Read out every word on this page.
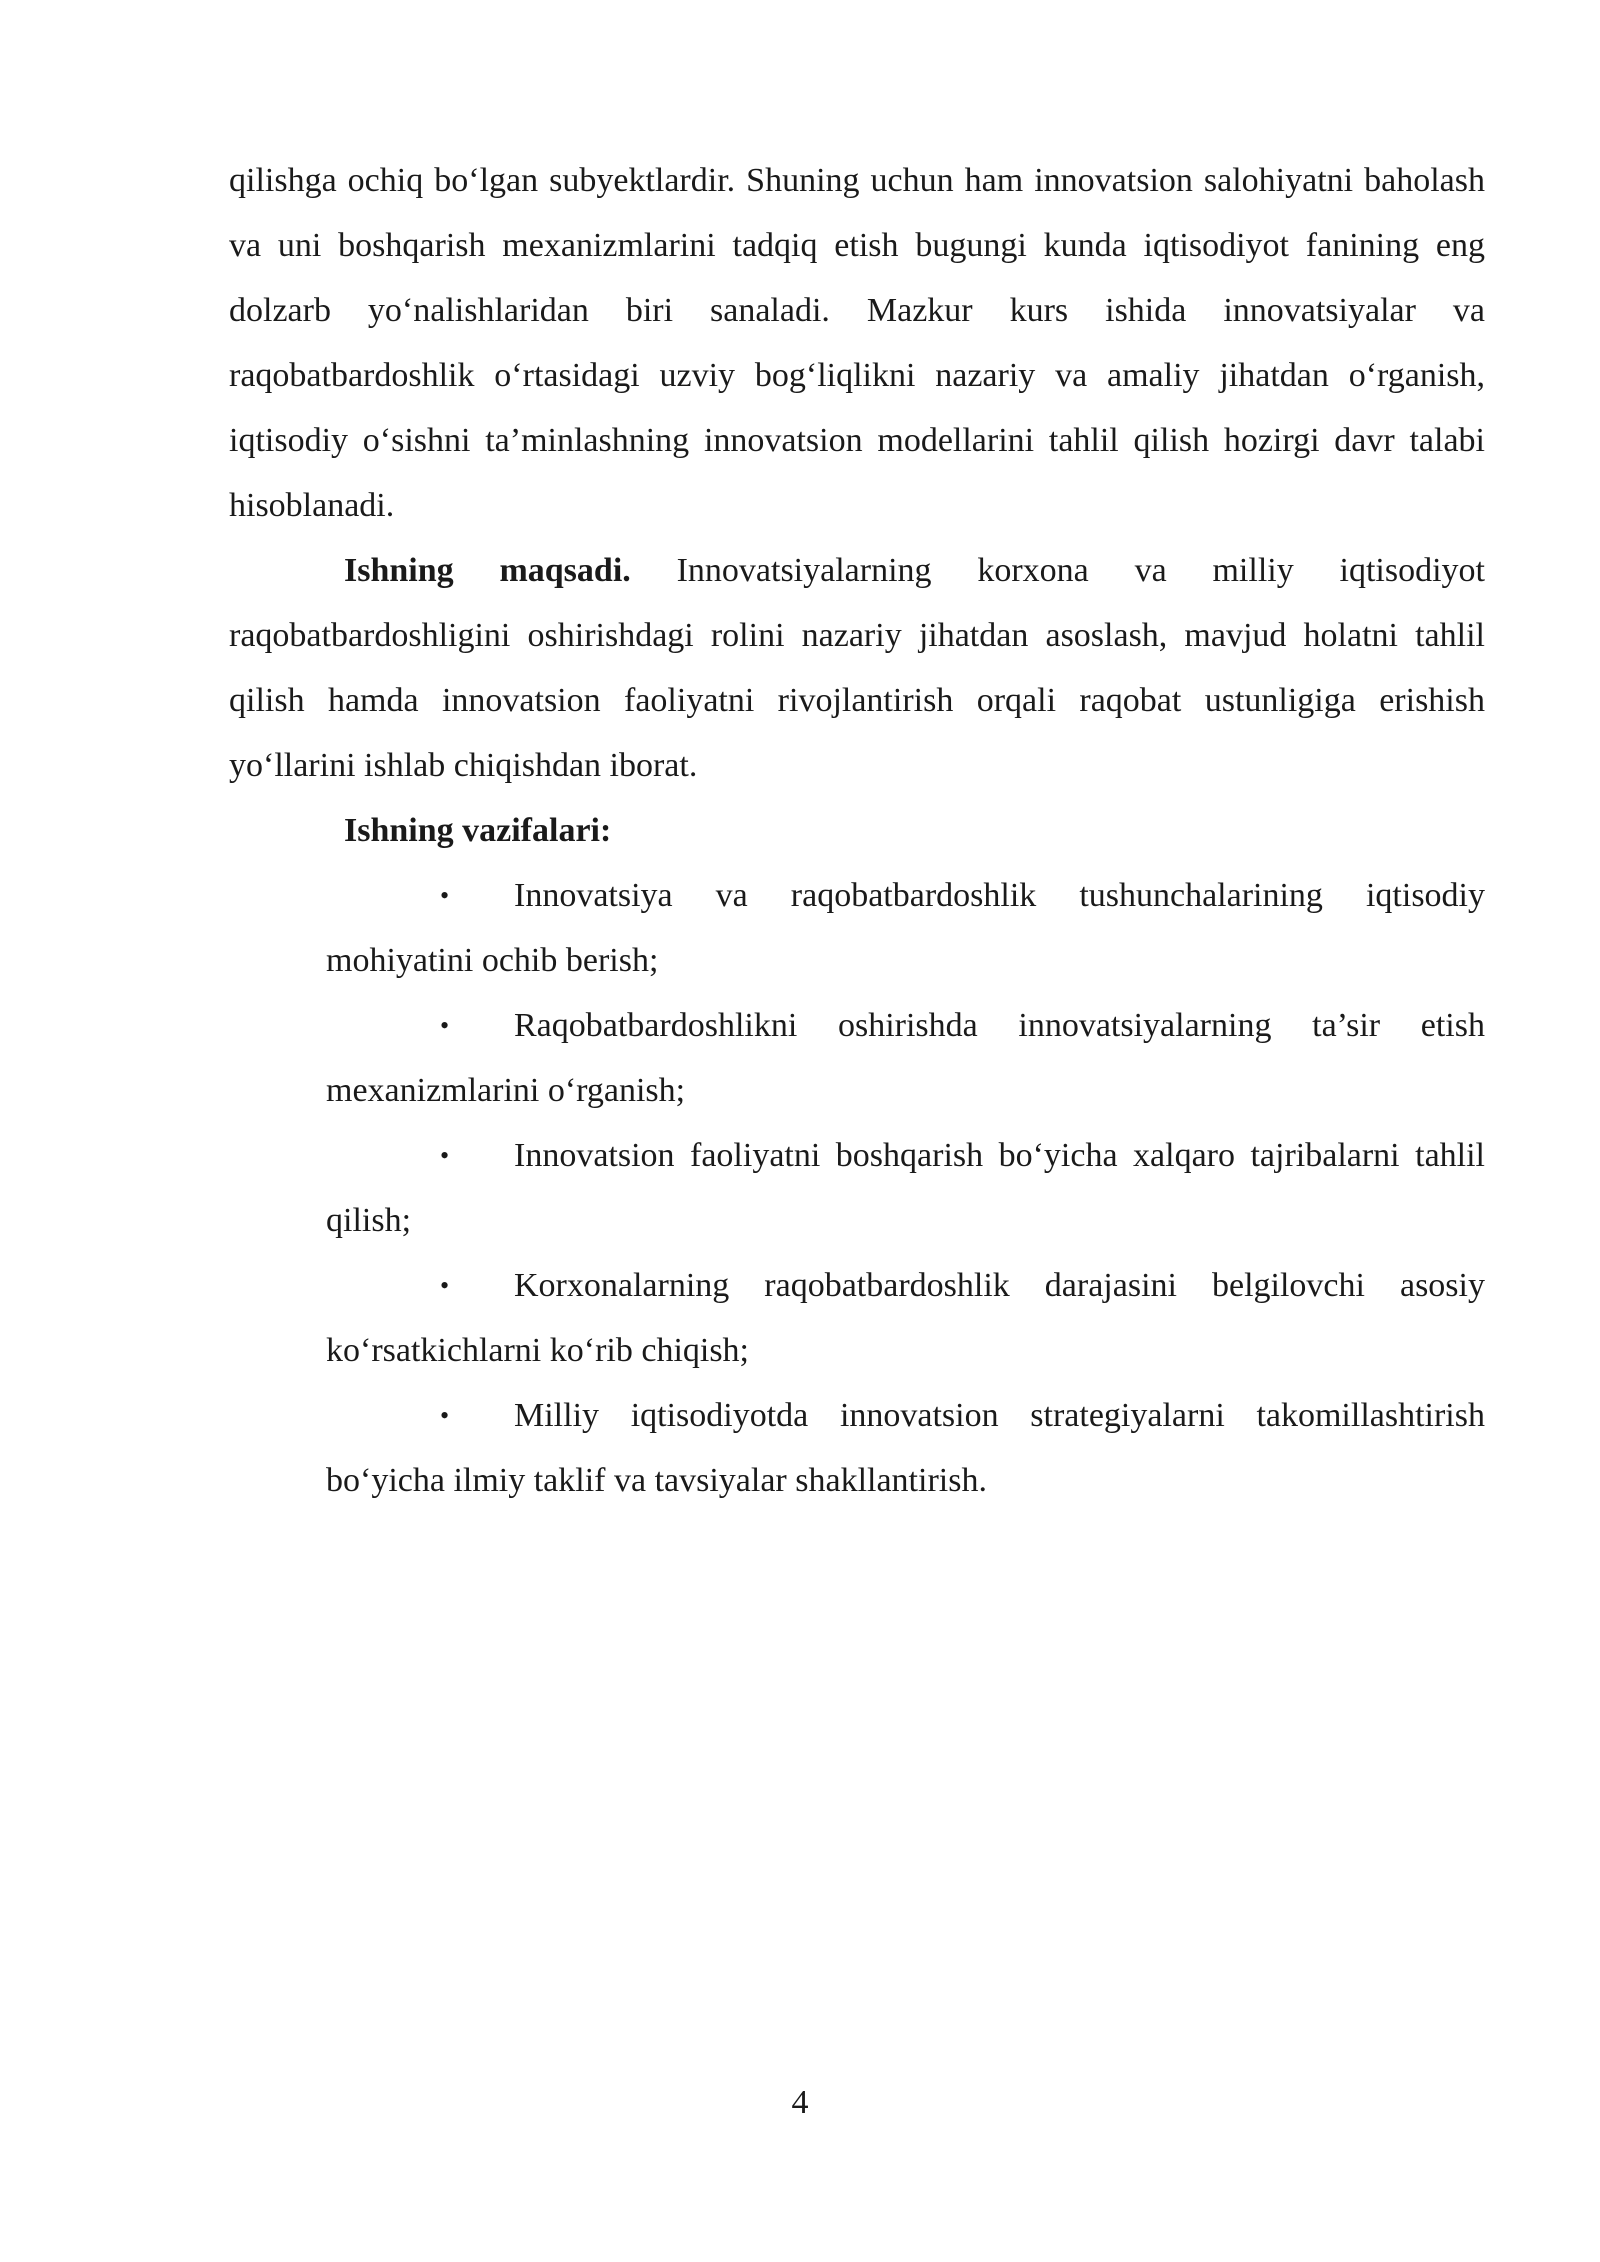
qilishga ochiq bo‘lgan subyektlardir. Shuning uchun ham innovatsion salohiyatni baholash va uni boshqarish mexanizmlarini tadqiq etish bugungi kunda iqtisodiyot fanining eng dolzarb yo‘nalishlaridan biri sanaladi. Mazkur kurs ishida innovatsiyalar va raqobatbardoshlik o‘rtasidagi uzviy bog‘liqlikni nazariy va amaliy jihatdan o‘rganish, iqtisodiy o‘sishni ta’minlashning innovatsion modellarini tahlil qilish hozirgi davr talabi hisoblanadi.

Ishning maqsadi. Innovatsiyalarning korxona va milliy iqtisodiyot raqobatbardoshligini oshirishdagi rolini nazariy jihatdan asoslash, mavjud holatni tahlil qilish hamda innovatsion faoliyatni rivojlantirish orqali raqobat ustunligiga erishish yo‘llarini ishlab chiqishdan iborat.

Ishning vazifalari:

• Innovatsiya va raqobatbardoshlik tushunchalarining iqtisodiy mohiyatini ochib berish;
• Raqobatbardoshlikni oshirishda innovatsiyalarning ta’sir etish mexanizmlarini o‘rganish;
• Innovatsion faoliyatni boshqarish bo‘yicha xalqaro tajribalarni tahlil qilish;
• Korxonalarning raqobatbardoshlik darajasini belgilovchi asosiy ko‘rsatkichlarni ko‘rib chiqish;
• Milliy iqtisodiyotda innovatsion strategiyalarni takomillashtirish bo‘yicha ilmiy taklif va tavsiyalar shakllantirish.
4
